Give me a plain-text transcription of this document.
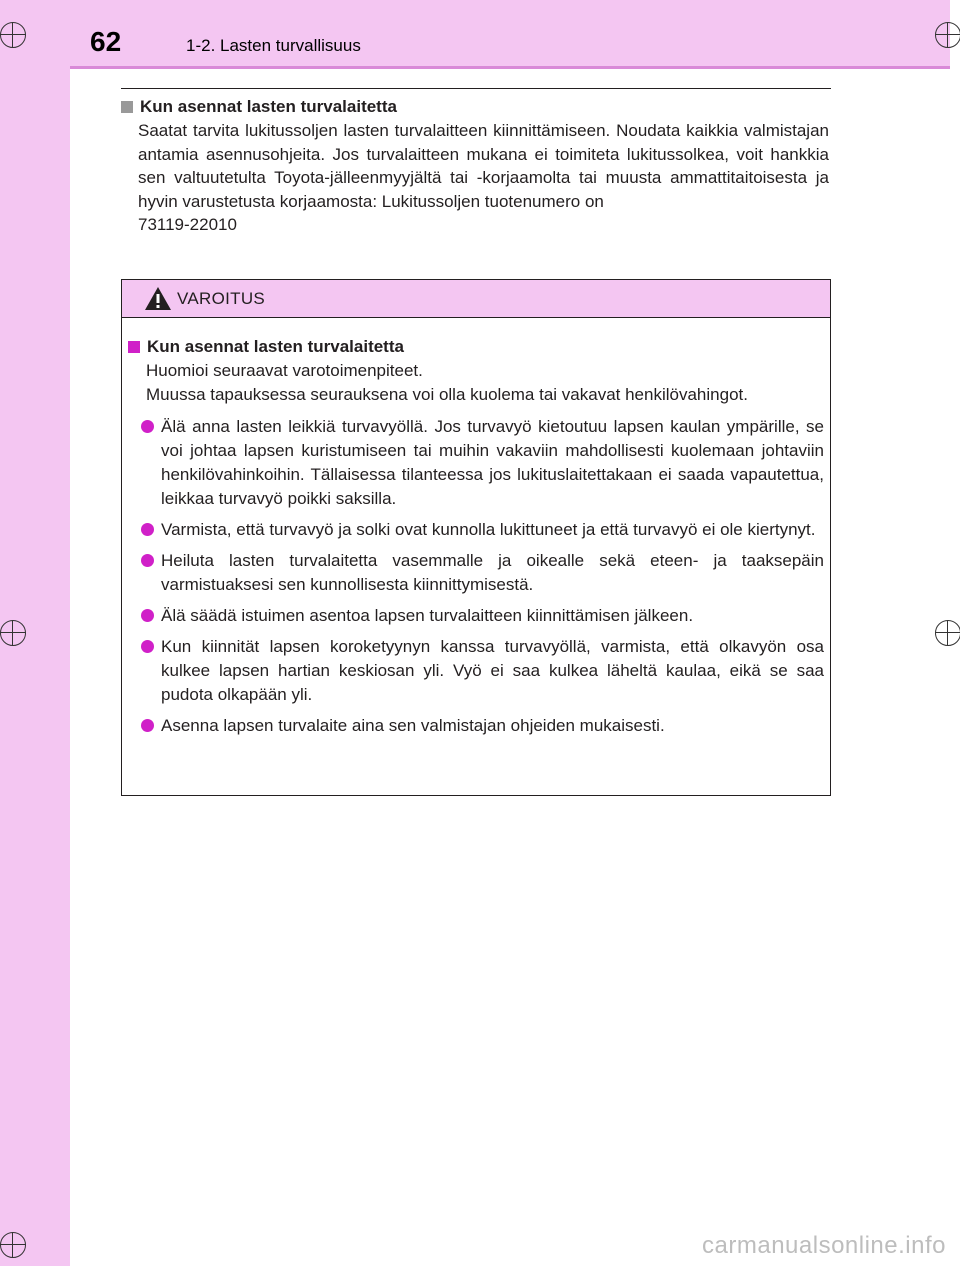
62	1-2. Lasten turvallisuus

Kun asennat lasten turvalaitetta

Saatat tarvita lukitussoljen lasten turvalaitteen kiinnittämiseen. Noudata kaikkia valmistajan antamia asennusohjeita. Jos turvalaitteen mukana ei toimiteta lukitussolkea, voit hankkia sen valtuutetulta Toyota-jälleenmyyjältä tai -korjaamolta tai muusta ammattitaitoisesta ja hyvin varustetusta korjaamosta: Lukitussoljen tuotenumero on

73119-22010

VAROITUS

Kun asennat lasten turvalaitetta

Huomioi seuraavat varotoimenpiteet.

Muussa tapauksessa seurauksena voi olla kuolema tai vakavat henkilövahingot.

Älä anna lasten leikkiä turvavyöllä. Jos turvavyö kietoutuu lapsen kaulan ympärille, se voi johtaa lapsen kuristumiseen tai muihin vakaviin mahdollisesti kuolemaan johtaviin henkilövahinkoihin. Tällaisessa tilanteessa jos lukituslaitettakaan ei saada vapautettua, leikkaa turvavyö poikki saksilla.
Varmista, että turvavyö ja solki ovat kunnolla lukittuneet ja että turvavyö ei ole kiertynyt.
Heiluta lasten turvalaitetta vasemmalle ja oikealle sekä eteen- ja taaksepäin varmistuaksesi sen kunnollisesta kiinnittymisestä.
Älä säädä istuimen asentoa lapsen turvalaitteen kiinnittämisen jälkeen.
Kun kiinnität lapsen koroketyynyn kanssa turvavyöllä, varmista, että olkavyön osa kulkee lapsen hartian keskiosan yli. Vyö ei saa kulkea läheltä kaulaa, eikä se saa pudota olkapään yli.
Asenna lapsen turvalaite aina sen valmistajan ohjeiden mukaisesti.
carmanualsonline.info
